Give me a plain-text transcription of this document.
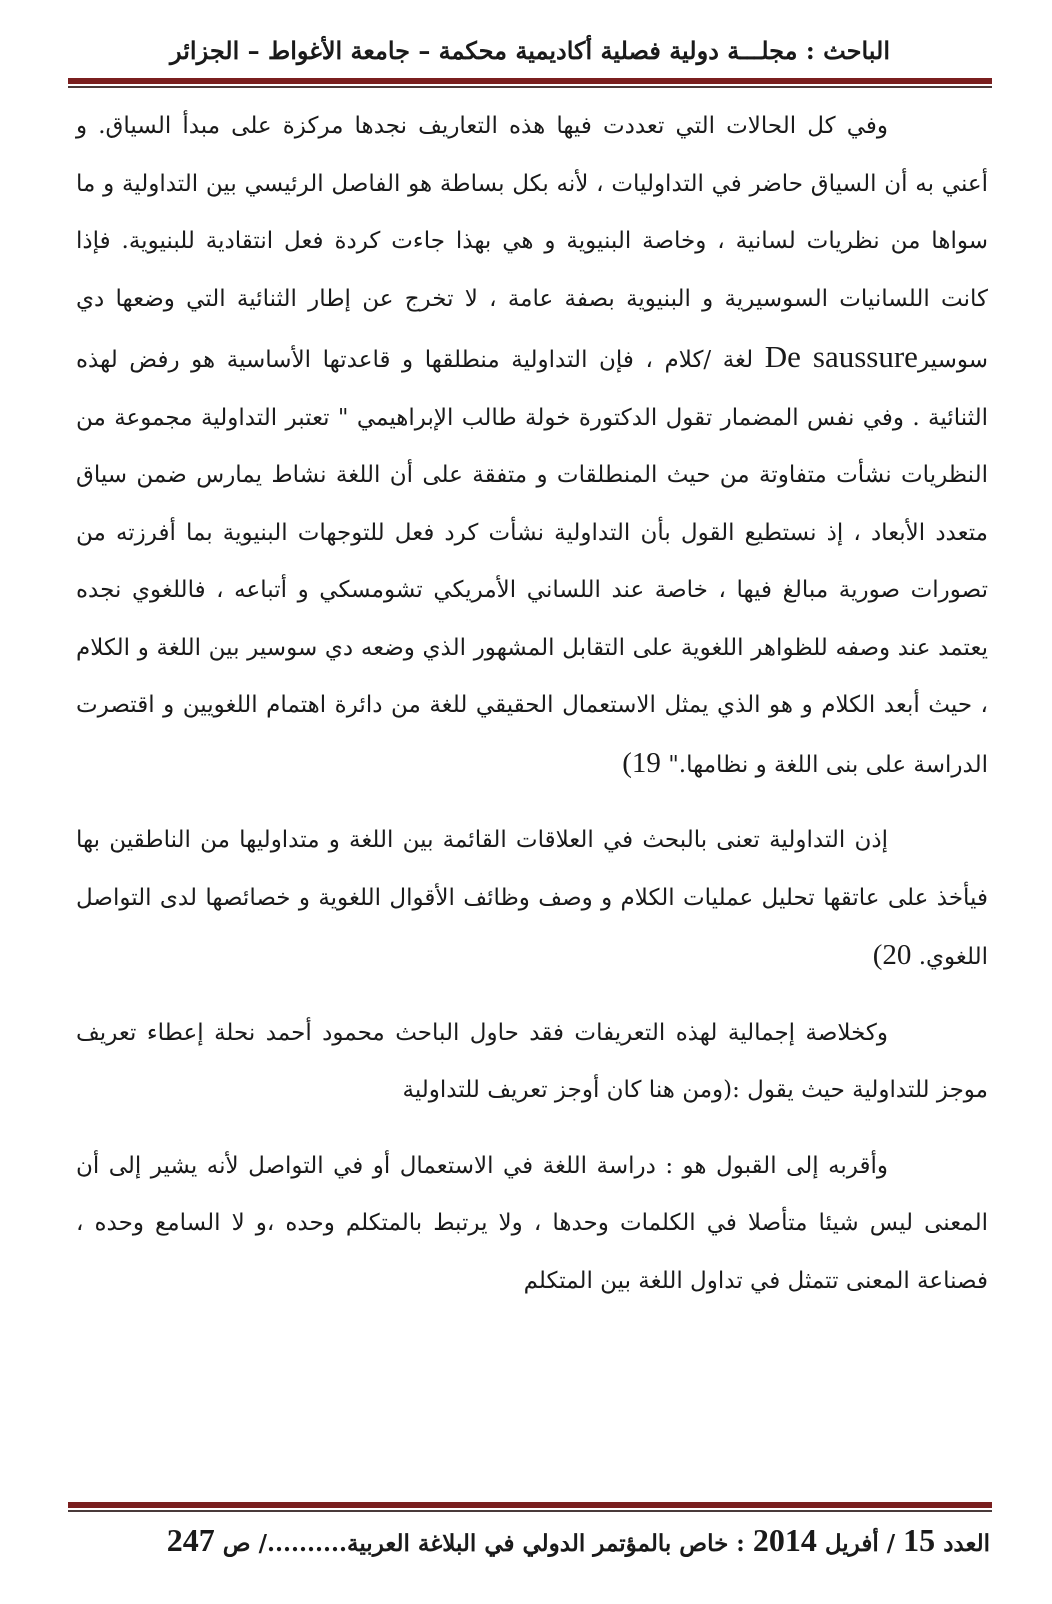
الباحث : مجلـــة دولية فصلية أكاديمية محكمة – جامعة الأغواط – الجزائر

وفي كل الحالات التي تعددت فيها هذه التعاريف نجدها مركزة على مبدأ السياق. و أعني به أن السياق حاضر في التداوليات ، لأنه بكل بساطة هو الفاصل الرئيسي بين التداولية و ما سواها من نظريات لسانية ، وخاصة البنيوية و هي بهذا جاءت كردة فعل انتقادية للبنيوية. فإذا كانت اللسانيات السوسيرية و البنيوية بصفة عامة ، لا تخرج عن إطار الثنائية التي وضعها دي سوسيرDe saussure لغة /كلام ، فإن التداولية منطلقها و قاعدتها الأساسية هو رفض لهذه الثنائية . وفي نفس المضمار تقول الدكتورة خولة طالب الإبراهيمي " تعتبر التداولية مجموعة من النظريات نشأت متفاوتة من حيث المنطلقات و متفقة على أن اللغة نشاط يمارس ضمن سياق متعدد الأبعاد ، إذ نستطيع القول بأن التداولية نشأت كرد فعل للتوجهات البنيوية بما أفرزته من تصورات صورية مبالغ فيها ، خاصة عند اللساني الأمريكي تشومسكي و أتباعه ، فاللغوي نجده يعتمد عند وصفه للظواهر اللغوية على التقابل المشهور الذي وضعه دي سوسير بين اللغة و الكلام ، حيث أبعد الكلام و هو الذي يمثل الاستعمال الحقيقي للغة من دائرة اهتمام اللغويين و اقتصرت الدراسة على بنى اللغة و نظامها." (19

إذن التداولية تعنى بالبحث في العلاقات القائمة بين اللغة و متداوليها من الناطقين بها فيأخذ على عاتقها تحليل عمليات الكلام و وصف وظائف الأقوال اللغوية و خصائصها لدى التواصل اللغوي. (20

وكخلاصة إجمالية لهذه التعريفات فقد حاول الباحث محمود أحمد نحلة إعطاء تعريف موجز للتداولية حيث يقول :(ومن هنا كان أوجز تعريف للتداولية

وأقربه إلى القبول هو : دراسة اللغة في الاستعمال أو في التواصل لأنه يشير إلى أن المعنى ليس شيئا متأصلا في الكلمات وحدها ، ولا يرتبط بالمتكلم وحده ،و لا السامع وحده ، فصناعة المعنى تتمثل في تداول اللغة بين المتكلم

العدد 15 / أفريل 2014 : خاص بالمؤتمر الدولي في البلاغة العربية........../ ص 247
